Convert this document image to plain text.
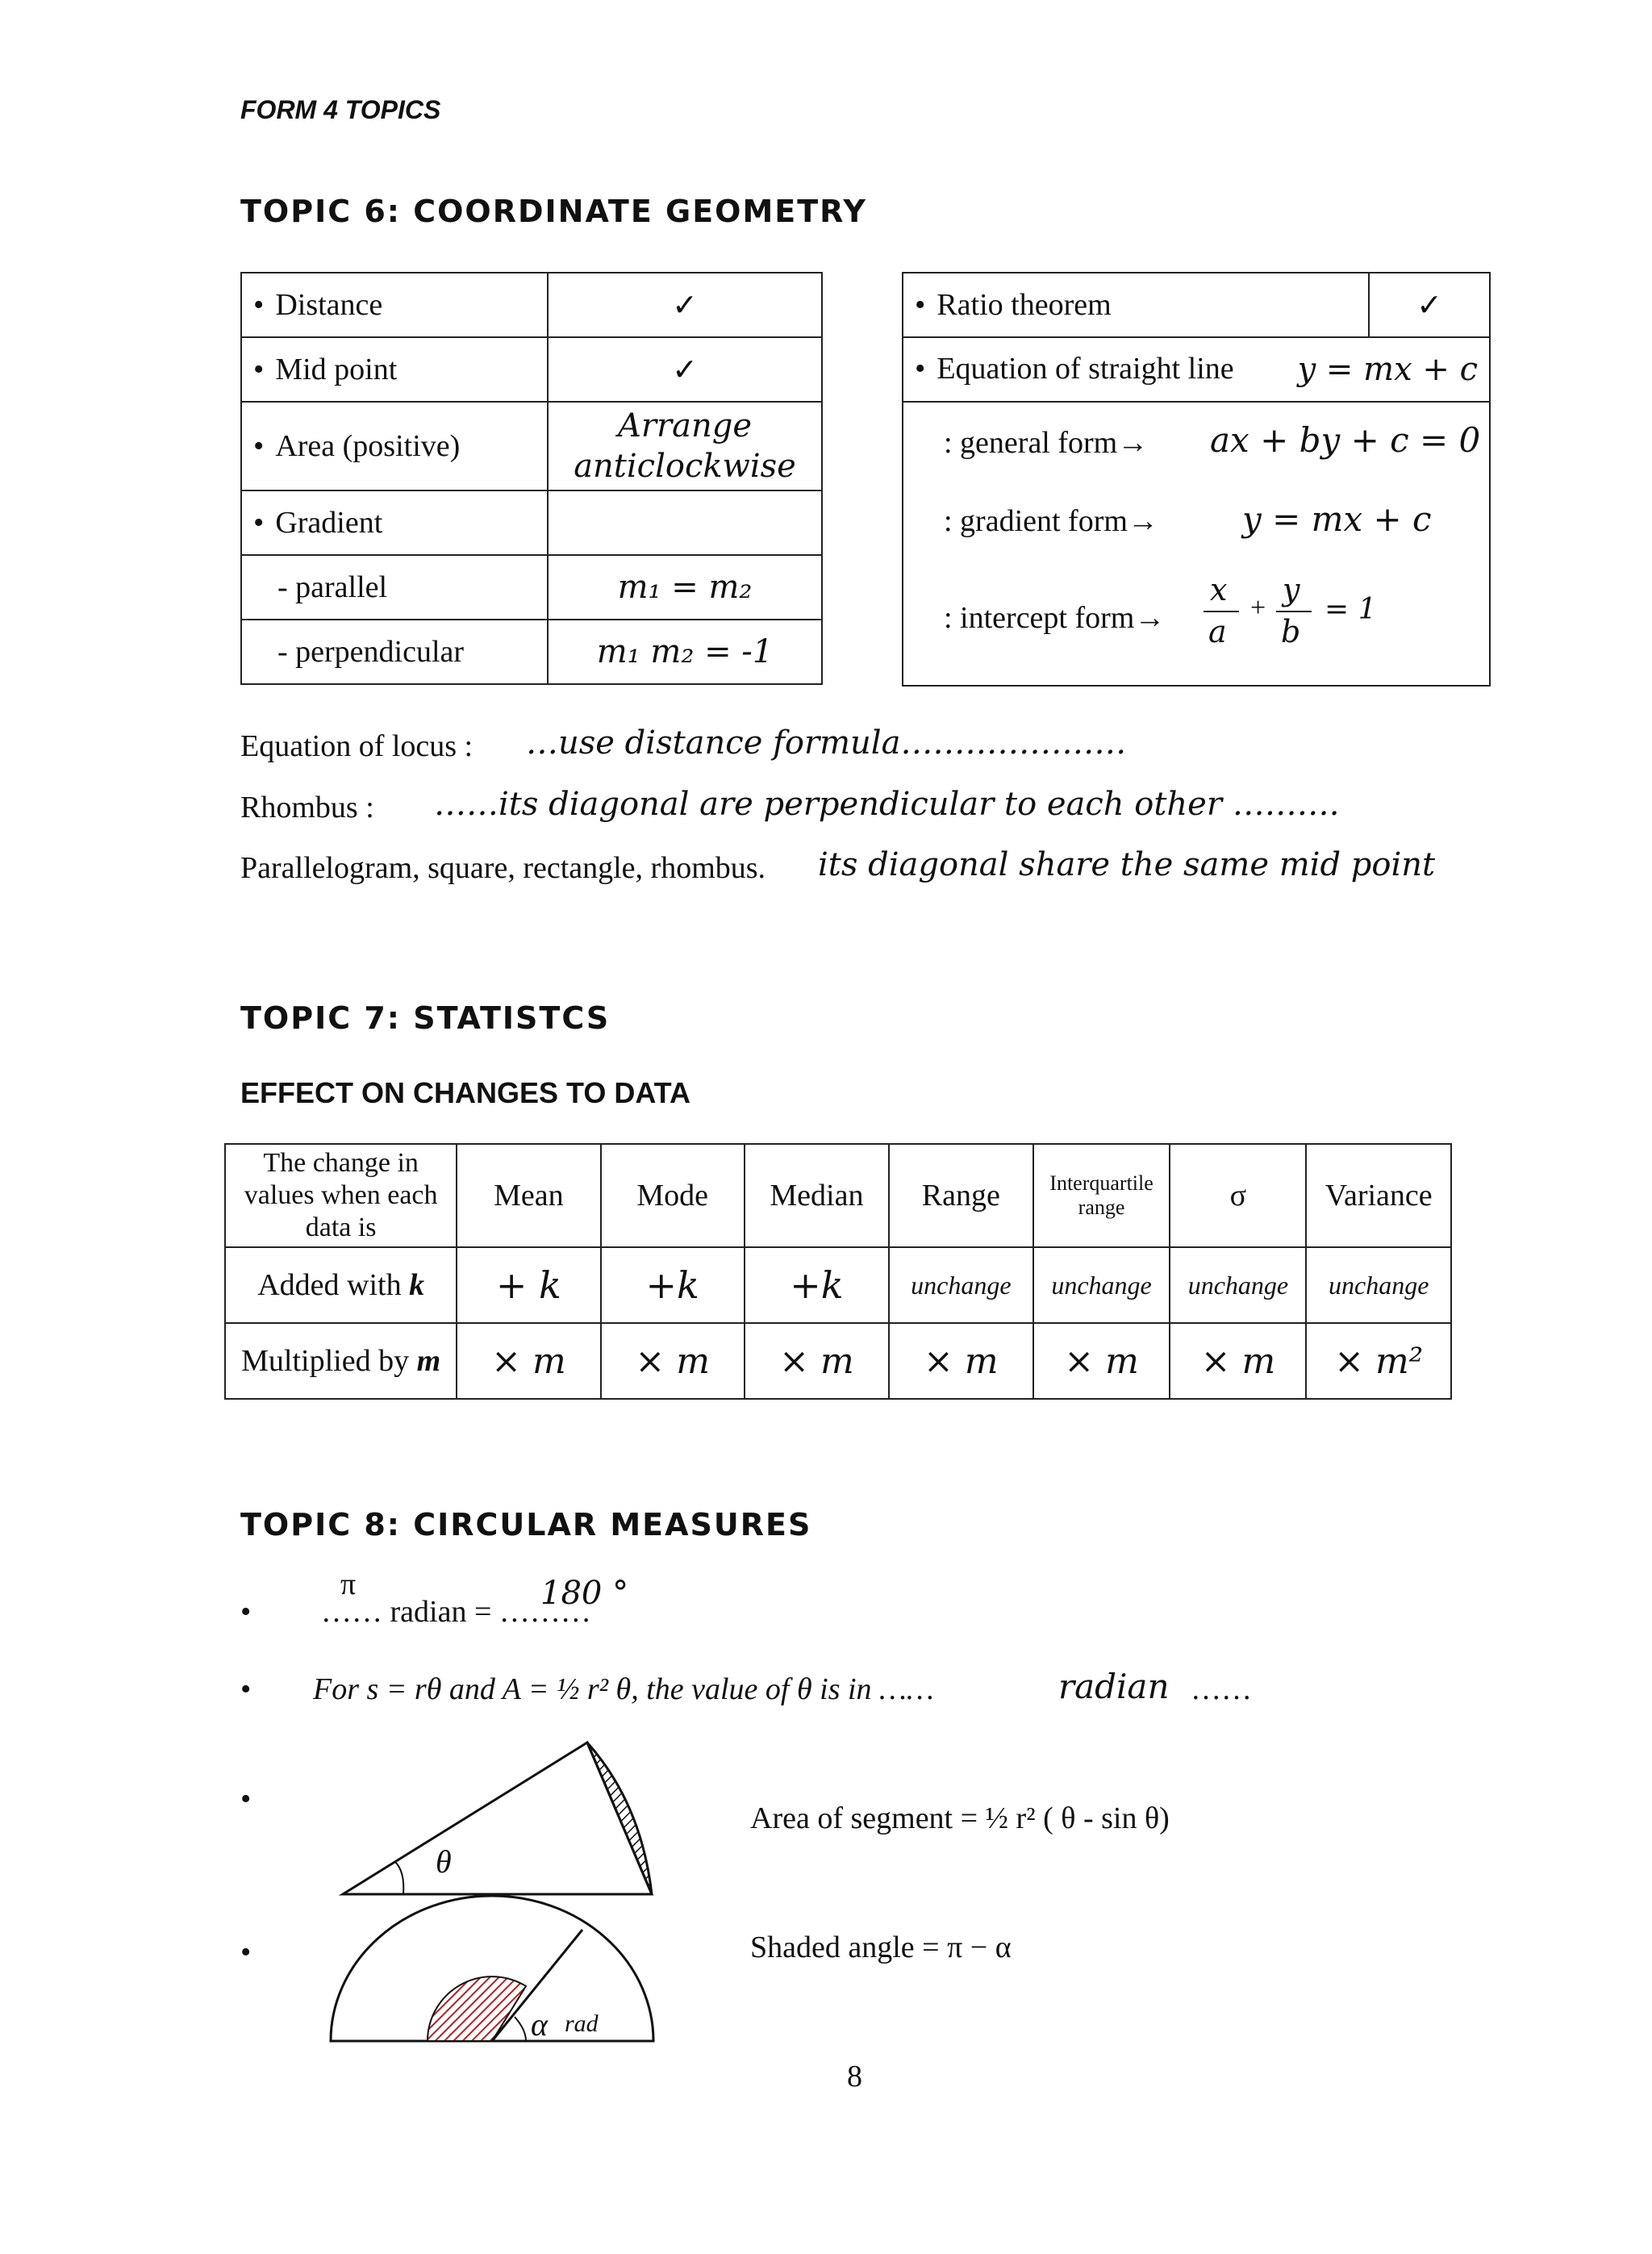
FORM 4 TOPICS
TOPIC 6: COORDINATE GEOMETRY
• Distance	✓
• Mid point	✓
• Area (positive)	Arrange anticlockwise
• Gradient	
- parallel	m₁ = m₂
- perpendicular	m₁ m₂ = -1
• Ratio theorem	✓
• Equation of straight line y = mx + c

: general form→ ax + by + c = 0
: gradient form→ y = mx + c
: intercept form→
x
a
+
y
b
= 1
Equation of locus : …use distance formula…………………
Rhombus : ……its diagonal are perpendicular to each other ……….
Parallelogram, square, rectangle, rhombus. its diagonal share the same mid point
TOPIC 7: STATISTCS
EFFECT ON CHANGES TO DATA
The change in values when each data is	Mean	Mode	Median	Range	Interquartile range	σ	Variance
Added with k	+ k	+k	+k	unchange	unchange	unchange	unchange
Multiplied by m	× m	× m	× m	× m	× m	× m	× m²
TOPIC 8: CIRCULAR MEASURES
•
π
…… radian = ………
180 °
• For s = rθ and A = ½ r² θ, the value of θ is in ……	radian ……
•
θ
Area of segment = ½ r² ( θ - sin θ)
•
α rad
Shaded angle = π − α
8
